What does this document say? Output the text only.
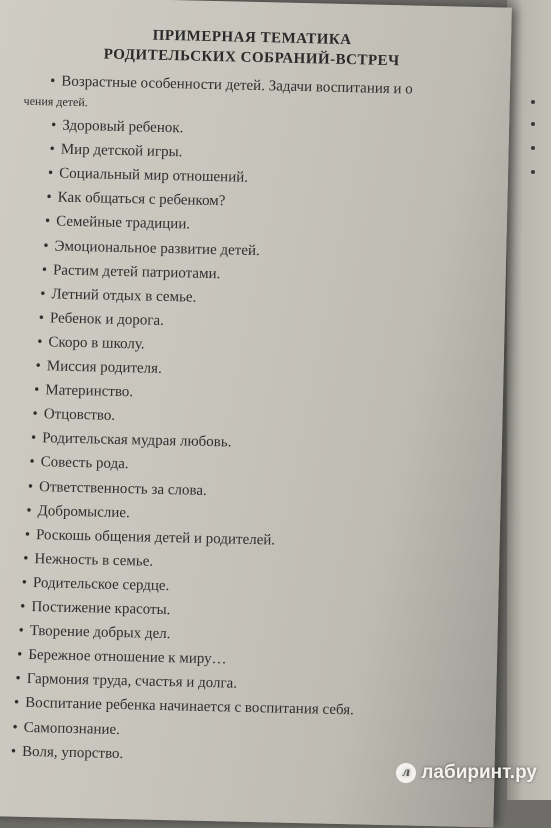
ПРИМЕРНАЯ ТЕМАТИКА
РОДИТЕЛЬСКИХ СОБРАНИЙ-ВСТРЕЧ
• Возрастные особенности детей. Задачи воспитания и о
чения детей.
• Здоровый ребенок.
• Мир детской игры.
• Социальный мир отношений.
• Как общаться с ребенком?
• Семейные традиции.
• Эмоциональное развитие детей.
• Растим детей патриотами.
• Летний отдых в семье.
• Ребенок и дорога.
• Скоро в школу.
• Миссия родителя.
• Материнство.
• Отцовство.
• Родительская мудрая любовь.
• Совесть рода.
• Ответственность за слова.
• Добромыслие.
• Роскошь общения детей и родителей.
• Нежность в семье.
• Родительское сердце.
• Постижение красоты.
• Творение добрых дел.
• Бережное отношение к миру…
• Гармония труда, счастья и долга.
• Воспитание ребенка начинается с воспитания себя.
• Самопознание.
• Воля, упорство.
л лабиринт.ру
